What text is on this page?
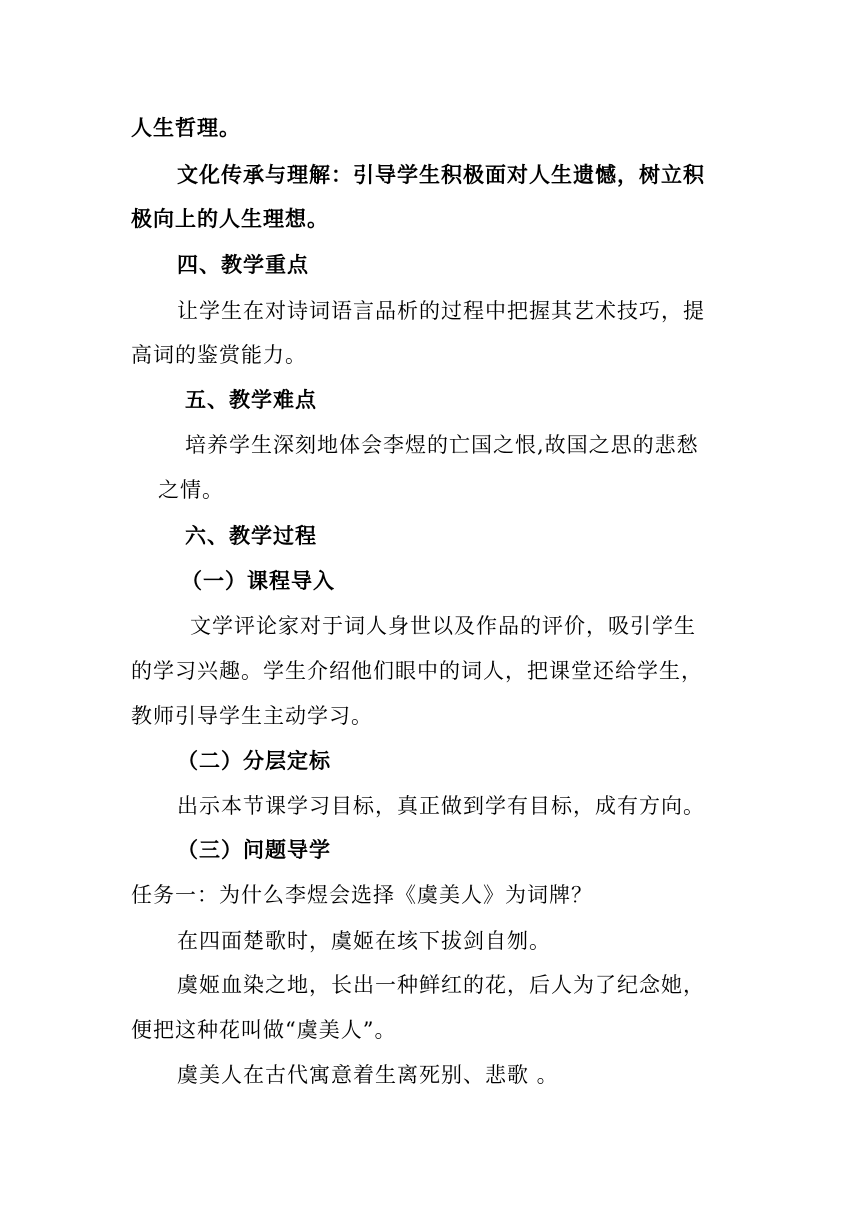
人生哲理。
文化传承与理解：引导学生积极面对人生遗憾，树立积
极向上的人生理想。
四、教学重点
让学生在对诗词语言品析的过程中把握其艺术技巧，提
高词的鉴赏能力。
五、教学难点
培养学生深刻地体会李煜的亡国之恨,故国之思的悲愁
之情。
六、教学过程
（一）课程导入
文学评论家对于词人身世以及作品的评价，吸引学生
的学习兴趣。学生介绍他们眼中的词人，把课堂还给学生，
教师引导学生主动学习。
（二）分层定标
出示本节课学习目标，真正做到学有目标，成有方向。
（三）问题导学
任务一：为什么李煜会选择《虞美人》为词牌？
在四面楚歌时，虞姬在垓下拔剑自刎。
虞姬血染之地，长出一种鲜红的花，后人为了纪念她，
便把这种花叫做“虞美人”。
虞美人在古代寓意着生离死别、悲歌 。
